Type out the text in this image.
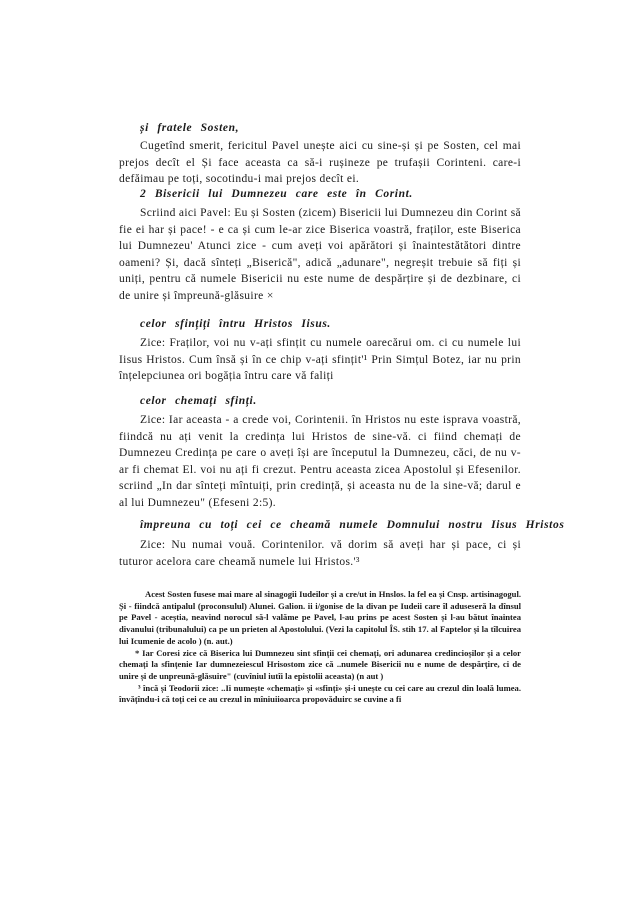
și fratele Sosten,
Cugetînd smerit, fericitul Pavel unește aici cu sine-și și pe Sosten, cel mai prejos decît el Și face aceasta ca să-i rușineze pe trufașii Corinteni. care-i defăimau pe toți, socotindu-i mai prejos decît ei.
2 Bisericii lui Dumnezeu care este în Corint.
Scriind aici Pavel: Eu și Sosten (zicem) Bisericii lui Dumnezeu din Corint să fie ei har și pace! - e ca și cum le-ar zice Biserica voastră, fraților, este Biserica lui Dumnezeu' Atunci zice - cum aveți voi apărători și înaintestătători dintre oameni? Și, dacă sînteți „Biserică", adică „adunare", negreșit trebuie să fiți și uniți, pentru că numele Bisericii nu este nume de despărțire și de dezbinare, ci de unire și împreună-glăsuire ×
celor sfințiți întru Hristos Iisus.
Zice: Fraților, voi nu v-ați sfințit cu numele oarecărui om. ci cu numele lui Iisus Hristos. Cum însă și în ce chip v-ați sfințit'¹ Prin Simțul Botez, iar nu prin înțelepciunea ori bogăția întru care vă faliți
celor chemați sfinți.
Zice: Iar aceasta - a crede voi, Corintenii. în Hristos nu este isprava voastră, fiindcă nu ați venit la credința lui Hristos de sine-vă. ci fiind chemați de Dumnezeu Credința pe care o aveți își are începutul la Dumnezeu, căci, de nu v-ar fi chemat El. voi nu ați fi crezut. Pentru aceasta zicea Apostolul și Efesenilor. scriind „In dar sînteți mîntuiți, prin credință, și aceasta nu de la sine-vă; darul e al lui Dumnezeu" (Efeseni 2:5).
împreuna cu toți cei ce cheamă numele Domnului nostru Iisus Hristos
Zice: Nu numai vouă. Corintenilor. vă dorim să aveți har și pace, ci și tuturor acelora care cheamă numele lui Hristos.'³

Acest Sosten fusese mai mare al sinagogii Iudeilor și a cre/ut in Hnslos. la fel ea și Cnsp. artisinagogul. Și - fiindcă antipalul (proconsulul) Alunei. Galion. ii i/gonise de la divan pe Iudeii care îl aduseseră la dînsul pe Pavel - aceștia, neavind norocul să-l valăme pe Pavel, l-au prins pe acest Sosten și l-au bătut înaintea divanului (tribunalului) ca pe un prieten al Apostolului. (Vezi la capitolul ÎS. stih 17. al Faptelor și la tîlcuirea lui Icumenie de acolo ) (n. aut.)

* Iar Coresi zice că Biserica lui Dumnezeu sint sfinții cei chemați, ori adunarea credincioșilor și a celor chemați la sfințenie Iar dumnezeiescul Hrisostom zice că ..numele Bisericii nu e nume de despărțire, ci de unire și de unpreună-glăsuire" (cuvîniul iutîi la epistolii aceasta) (n aut )

³ încă și Teodorii zice: ..Ii numește «chemați» și «sfinți» și-i unește cu cei care au crezul din loală lumea. învățîndu-i că toți cei ce au crezul in mîniuiioarca propovăduirc se cuvine a fi
